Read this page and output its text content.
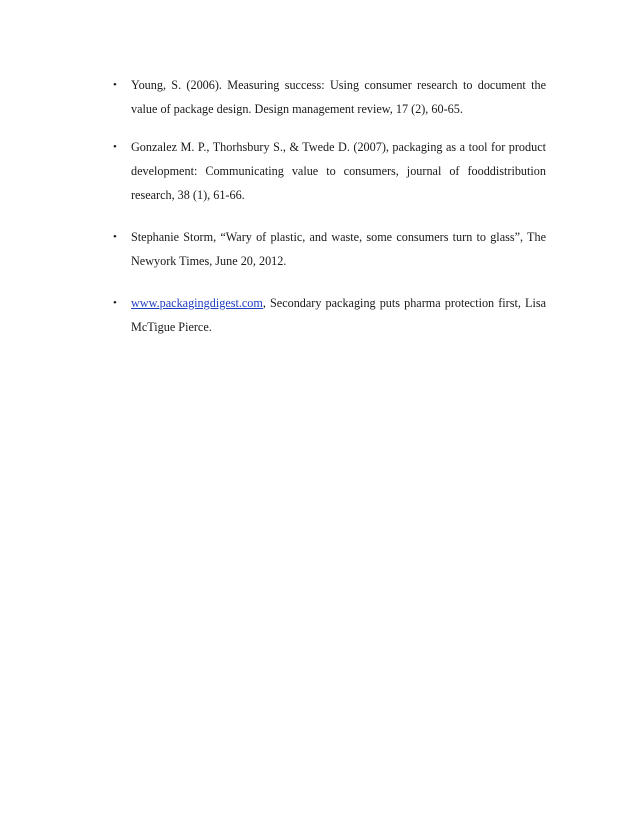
• Young, S. (2006). Measuring success: Using consumer research to document the value of package design. Design management review, 17 (2), 60-65.
• Gonzalez M. P., Thorhsbury S., & Twede D. (2007), packaging as a tool for product development: Communicating value to consumers, journal of fooddistribution research, 38 (1), 61-66.
• Stephanie Storm, “Wary of plastic, and waste, some consumers turn to glass”, The Newyork Times, June 20, 2012.
• www.packagingdigest.com, Secondary packaging puts pharma protection first, Lisa McTigue Pierce.
